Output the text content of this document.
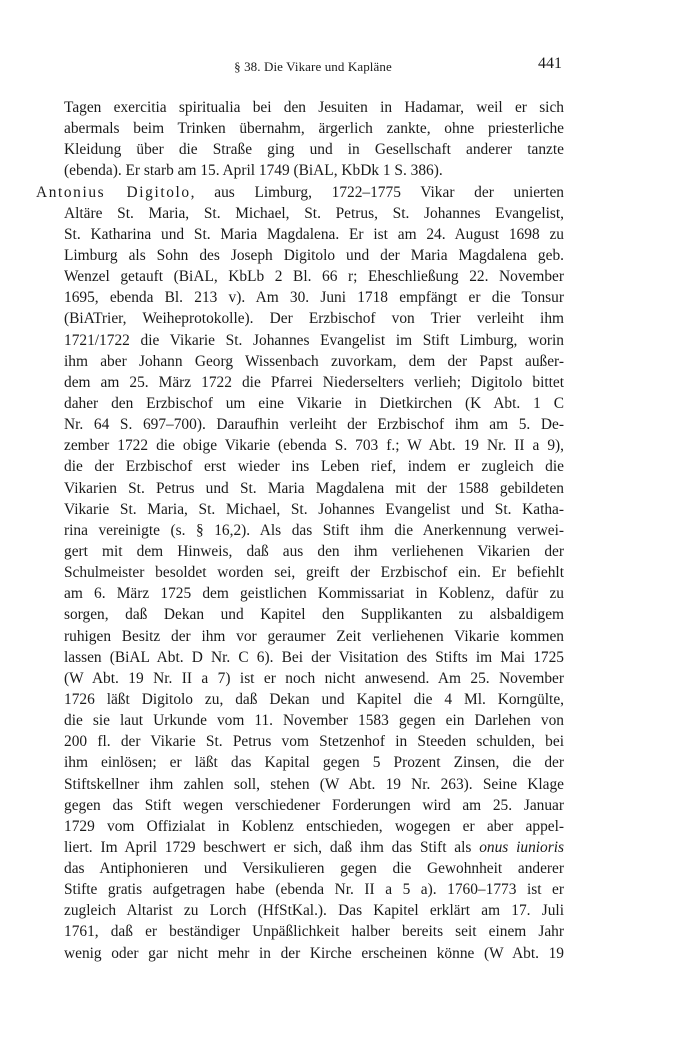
§ 38. Die Vikare und Kapläne	441
Tagen exercitia spiritualia bei den Jesuiten in Hadamar, weil er sich
abermals beim Trinken übernahm, ärgerlich zankte, ohne priesterliche
Kleidung über die Straße ging und in Gesellschaft anderer tanzte
(ebenda). Er starb am 15. April 1749 (BiAL, KbDk 1 S. 386).
Antonius Digitolo, aus Limburg, 1722–1775 Vikar der unierten
Altäre St. Maria, St. Michael, St. Petrus, St. Johannes Evangelist,
St. Katharina und St. Maria Magdalena. Er ist am 24. August 1698 zu
Limburg als Sohn des Joseph Digitolo und der Maria Magdalena geb.
Wenzel getauft (BiAL, KbLb 2 Bl. 66 r; Eheschließung 22. November
1695, ebenda Bl. 213 v). Am 30. Juni 1718 empfängt er die Tonsur
(BiATrier, Weiheprotokolle). Der Erzbischof von Trier verleiht ihm
1721/1722 die Vikarie St. Johannes Evangelist im Stift Limburg, worin
ihm aber Johann Georg Wissenbach zuvorkam, dem der Papst außer-
dem am 25. März 1722 die Pfarrei Niederselters verlieh; Digitolo bittet
daher den Erzbischof um eine Vikarie in Dietkirchen (K Abt. 1 C
Nr. 64 S. 697–700). Daraufhin verleiht der Erzbischof ihm am 5. De-
zember 1722 die obige Vikarie (ebenda S. 703 f.; W Abt. 19 Nr. II a 9),
die der Erzbischof erst wieder ins Leben rief, indem er zugleich die
Vikarien St. Petrus und St. Maria Magdalena mit der 1588 gebildeten
Vikarie St. Maria, St. Michael, St. Johannes Evangelist und St. Katha-
rina vereinigte (s. § 16,2). Als das Stift ihm die Anerkennung verwei-
gert mit dem Hinweis, daß aus den ihm verliehenen Vikarien der
Schulmeister besoldet worden sei, greift der Erzbischof ein. Er befiehlt
am 6. März 1725 dem geistlichen Kommissariat in Koblenz, dafür zu
sorgen, daß Dekan und Kapitel den Supplikanten zu alsbaldigem
ruhigen Besitz der ihm vor geraumer Zeit verliehenen Vikarie kommen
lassen (BiAL Abt. D Nr. C 6). Bei der Visitation des Stifts im Mai 1725
(W Abt. 19 Nr. II a 7) ist er noch nicht anwesend. Am 25. November
1726 läßt Digitolo zu, daß Dekan und Kapitel die 4 Ml. Korngülte,
die sie laut Urkunde vom 11. November 1583 gegen ein Darlehen von
200 fl. der Vikarie St. Petrus vom Stetzenhof in Steeden schulden, bei
ihm einlösen; er läßt das Kapital gegen 5 Prozent Zinsen, die der
Stiftskellner ihm zahlen soll, stehen (W Abt. 19 Nr. 263). Seine Klage
gegen das Stift wegen verschiedener Forderungen wird am 25. Januar
1729 vom Offizialat in Koblenz entschieden, wogegen er aber appel-
liert. Im April 1729 beschwert er sich, daß ihm das Stift als onus iunioris
das Antiphonieren und Versikulieren gegen die Gewohnheit anderer
Stifte gratis aufgetragen habe (ebenda Nr. II a 5 a). 1760–1773 ist er
zugleich Altarist zu Lorch (HfStKal.). Das Kapitel erklärt am 17. Juli
1761, daß er beständiger Unpäßlichkeit halber bereits seit einem Jahr
wenig oder gar nicht mehr in der Kirche erscheinen könne (W Abt. 19
